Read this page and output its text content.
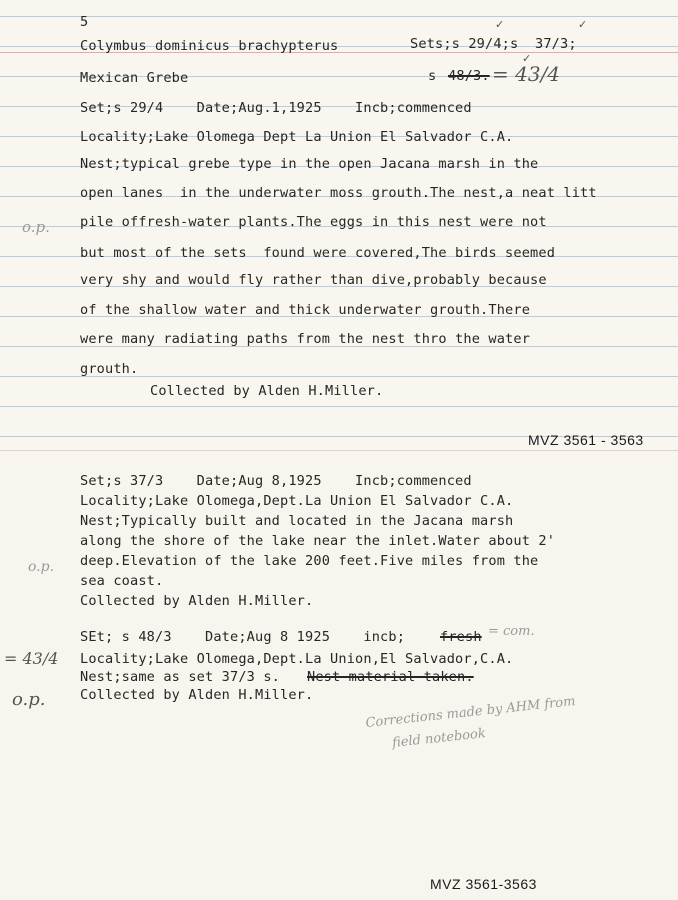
5
Colymbus dominicus brachypterus	Sets;s 29/4;s  37/3;
✓	✓
✓
Mexican Grebe	s 48/3. = 43/4
Set;s 29/4    Date;Aug.1,1925    Incb;commenced
Locality;Lake Olomega Dept La Union El Salvador C.A.
Nest;typical grebe type in the open Jacana marsh in the
open lanes  in the underwater moss grouth.The nest,a neat litt
pile offresh-water plants.The eggs in this nest were not
but most of the sets  found were covered,The birds seemed
very shy and would fly rather than dive,probably because
of the shallow water and thick underwater grouth.There
were many radiating paths from the nest thro the water
grouth.
Collected by Alden H.Miller.
o.p.
MVZ 3561 - 3563
Set;s 37/3    Date;Aug 8,1925    Incb;commenced
Locality;Lake Olomega,Dept.La Union El Salvador C.A.
Nest;Typically built and located in the Jacana marsh
along the shore of the lake near the inlet.Water about 2'
deep.Elevation of the lake 200 feet.Five miles from the
sea coast.
Collected by Alden H.Miller.
SEt; s 48/3    Date;Aug 8 1925    incb;	fresh = com.
Locality;Lake Olomega,Dept.La Union,El Salvador,C.A.
Nest;same as set 37/3 s. Nest material taken.
Collected by Alden H.Miller.
o.p.
= 43/4
o.p.	Corrections made by AHM from
field notebook
MVZ 3561-3563
